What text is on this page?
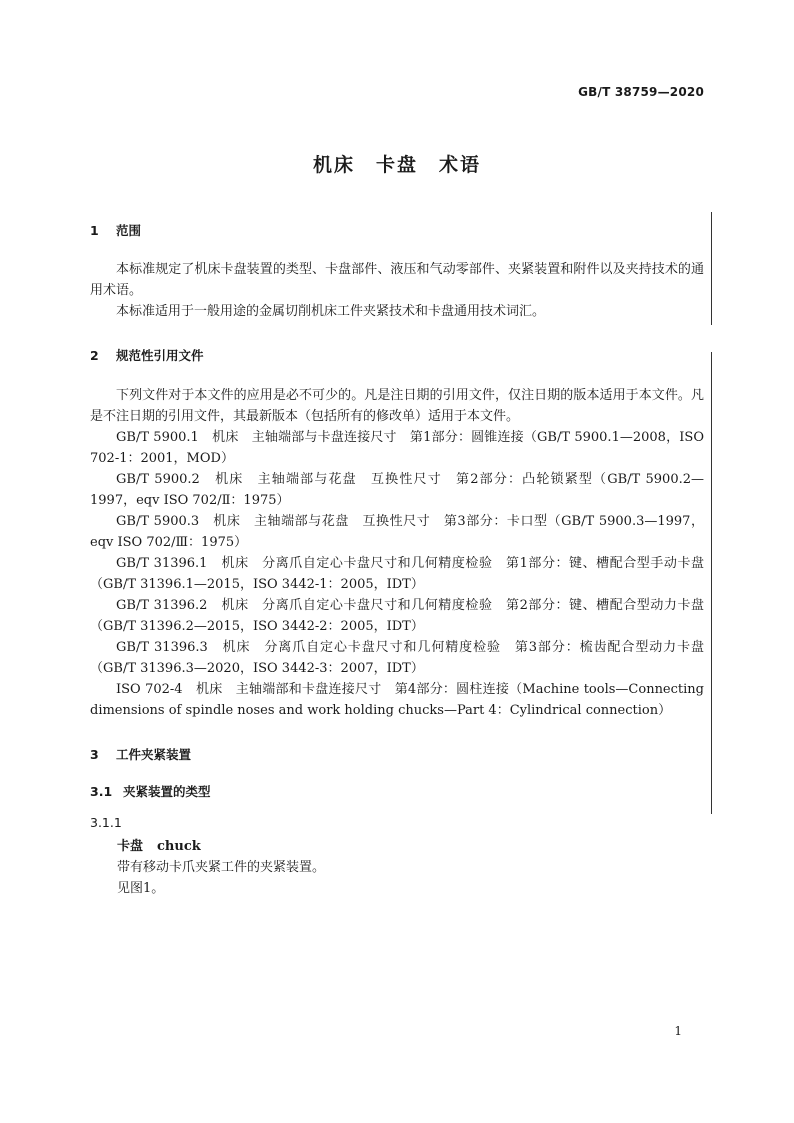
GB/T 38759—2020
机床　卡盘　术语
1 范围
本标准规定了机床卡盘装置的类型、卡盘部件、液压和气动零部件、夹紧装置和附件以及夹持技术的通用术语。
本标准适用于一般用途的金属切削机床工件夹紧技术和卡盘通用技术词汇。
2 规范性引用文件
下列文件对于本文件的应用是必不可少的。凡是注日期的引用文件，仅注日期的版本适用于本文件。凡是不注日期的引用文件，其最新版本（包括所有的修改单）适用于本文件。
GB/T 5900.1　机床　主轴端部与卡盘连接尺寸　第1部分：圆锥连接（GB/T 5900.1—2008，ISO 702-1：2001，MOD）
GB/T 5900.2　机床　主轴端部与花盘　互换性尺寸　第2部分：凸轮锁紧型（GB/T 5900.2—1997，eqv ISO 702/Ⅱ：1975）
GB/T 5900.3　机床　主轴端部与花盘　互换性尺寸　第3部分：卡口型（GB/T 5900.3—1997，eqv ISO 702/Ⅲ：1975）
GB/T 31396.1　机床　分离爪自定心卡盘尺寸和几何精度检验　第1部分：键、槽配合型手动卡盘（GB/T 31396.1—2015，ISO 3442-1：2005，IDT）
GB/T 31396.2　机床　分离爪自定心卡盘尺寸和几何精度检验　第2部分：键、槽配合型动力卡盘（GB/T 31396.2—2015，ISO 3442-2：2005，IDT）
GB/T 31396.3　机床　分离爪自定心卡盘尺寸和几何精度检验　第3部分：梳齿配合型动力卡盘（GB/T 31396.3—2020，ISO 3442-3：2007，IDT）
ISO 702-4　机床　主轴端部和卡盘连接尺寸　第4部分：圆柱连接（Machine tools—Connecting dimensions of spindle noses and work holding chucks—Part 4：Cylindrical connection）
3 工件夹紧装置
3.1 夹紧装置的类型
3.1.1
卡盘 chuck
带有移动卡爪夹紧工件的夹紧装置。
见图1。
1
